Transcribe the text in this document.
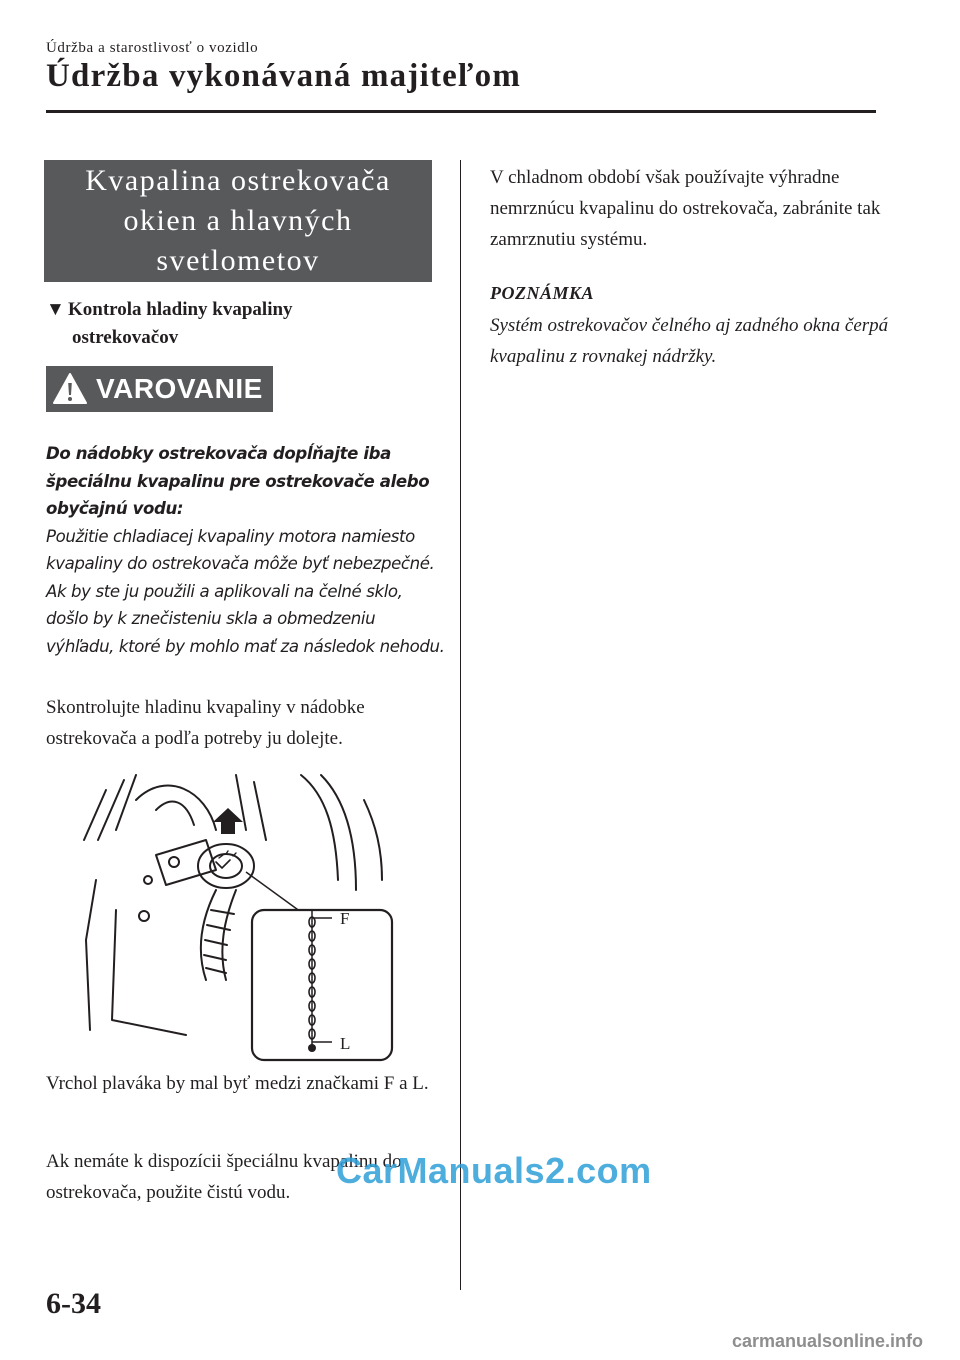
Údržba a starostlivosť o vozidlo
Údržba vykonávaná majiteľom
Kvapalina ostrekovača
okien a hlavných
svetlometov
▼ Kontrola hladiny kvapaliny
ostrekovačov
VAROVANIE

Do nádobky ostrekovača dopĺňajte iba špeciálnu kvapalinu pre ostrekovače alebo obyčajnú vodu:

Použitie chladiacej kvapaliny motora namiesto kvapaliny do ostrekovača môže byť nebezpečné. Ak by ste ju použili a aplikovali na čelné sklo, došlo by k znečisteniu skla a obmedzeniu výhľadu, ktoré by mohlo mať za následok nehodu.

Skontrolujte hladinu kvapaliny v nádobke ostrekovača a podľa potreby ju dolejte.

F
L

Vrchol plaváka by mal byť medzi značkami F a L.

Ak nemáte k dispozícii špeciálnu kvapalinu do ostrekovača, použite čistú vodu.

V chladnom období však používajte výhradne nemrznúcu kvapalinu do ostrekovača, zabránite tak zamrznutiu systému.

POZNÁMKA

Systém ostrekovačov čelného aj zadného okna čerpá kvapalinu z rovnakej nádržky.

6-34

CarManuals2.com
carmanualsonline.info
